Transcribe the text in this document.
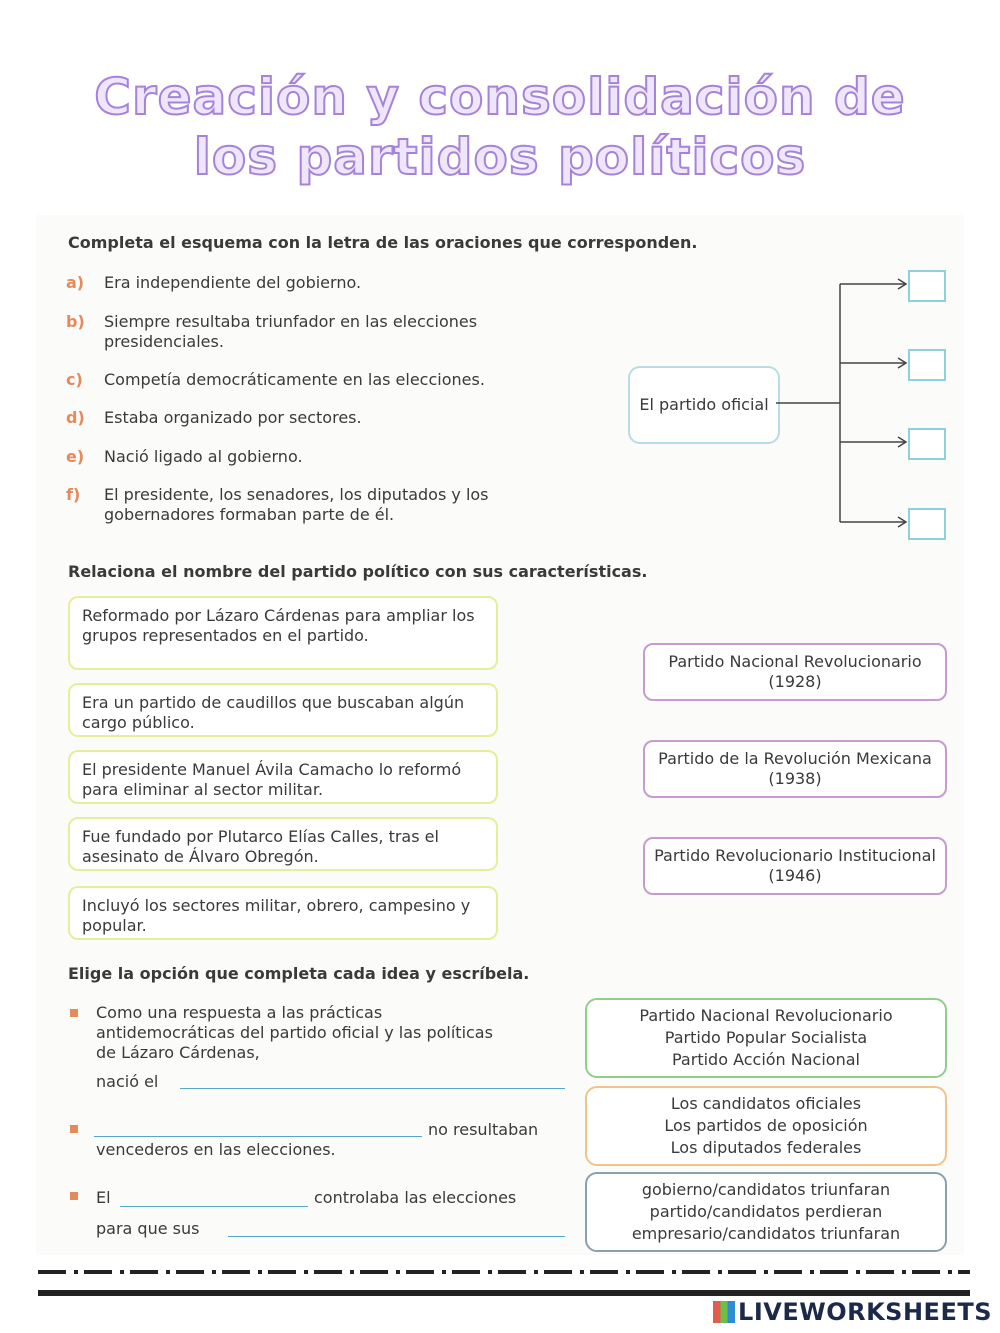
Creación y consolidación de
los partidos políticos
Completa el esquema con la letra de las oraciones que corresponden.
a) Era independiente del gobierno.
b) Siempre resultaba triunfador en las elecciones presidenciales.
c) Competía democráticamente en las elecciones.
d) Estaba organizado por sectores.
e) Nació ligado al gobierno.
f) El presidente, los senadores, los diputados y los gobernadores formaban parte de él.
El partido oficial
Relaciona el nombre del partido político con sus características.
Reformado por Lázaro Cárdenas para ampliar los grupos representados en el partido.
Era un partido de caudillos que buscaban algún cargo público.
El presidente Manuel Ávila Camacho lo reformó para eliminar al sector militar.
Fue fundado por Plutarco Elías Calles, tras el asesinato de Álvaro Obregón.
Incluyó los sectores militar, obrero, campesino y popular.
Partido Nacional Revolucionario (1928)
Partido de la Revolución Mexicana (1938)
Partido Revolucionario Institucional (1946)
Elige la opción que completa cada idea y escríbela.
Como una respuesta a las prácticas antidemocráticas del partido oficial y las políticas de Lázaro Cárdenas,
nació el
no resultaban
vencederos en las elecciones.
El	controlaba las elecciones
para que sus
Partido Nacional Revolucionario
Partido Popular Socialista
Partido Acción Nacional
Los candidatos oficiales
Los partidos de oposición
Los diputados federales
gobierno/candidatos triunfaran
partido/candidatos perdieran
empresario/candidatos triunfaran
LIVEWORKSHEETS
